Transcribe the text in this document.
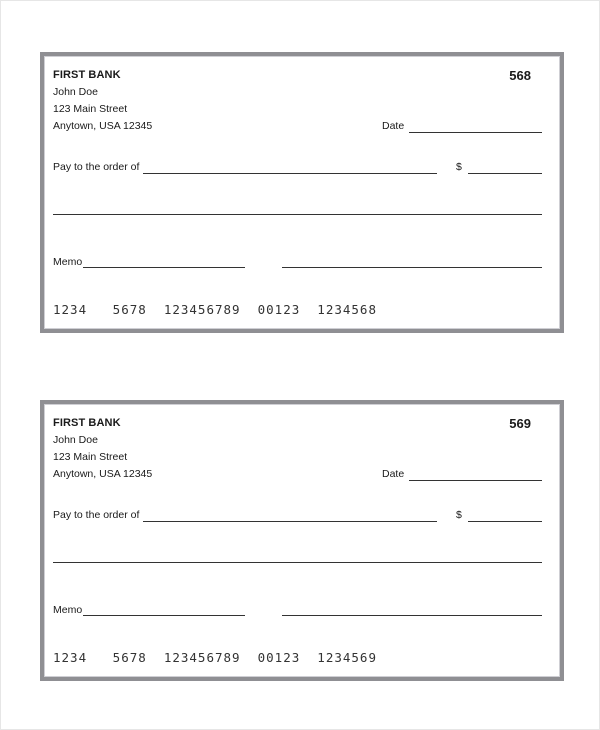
FIRST BANK
John Doe
123 Main Street
Anytown, USA 12345
568
Date
Pay to the order of	$
Memo
1234   5678  123456789  00123  1234568
FIRST BANK
John Doe
123 Main Street
Anytown, USA 12345
569
Date
Pay to the order of	$
Memo
1234   5678  123456789  00123  1234569
